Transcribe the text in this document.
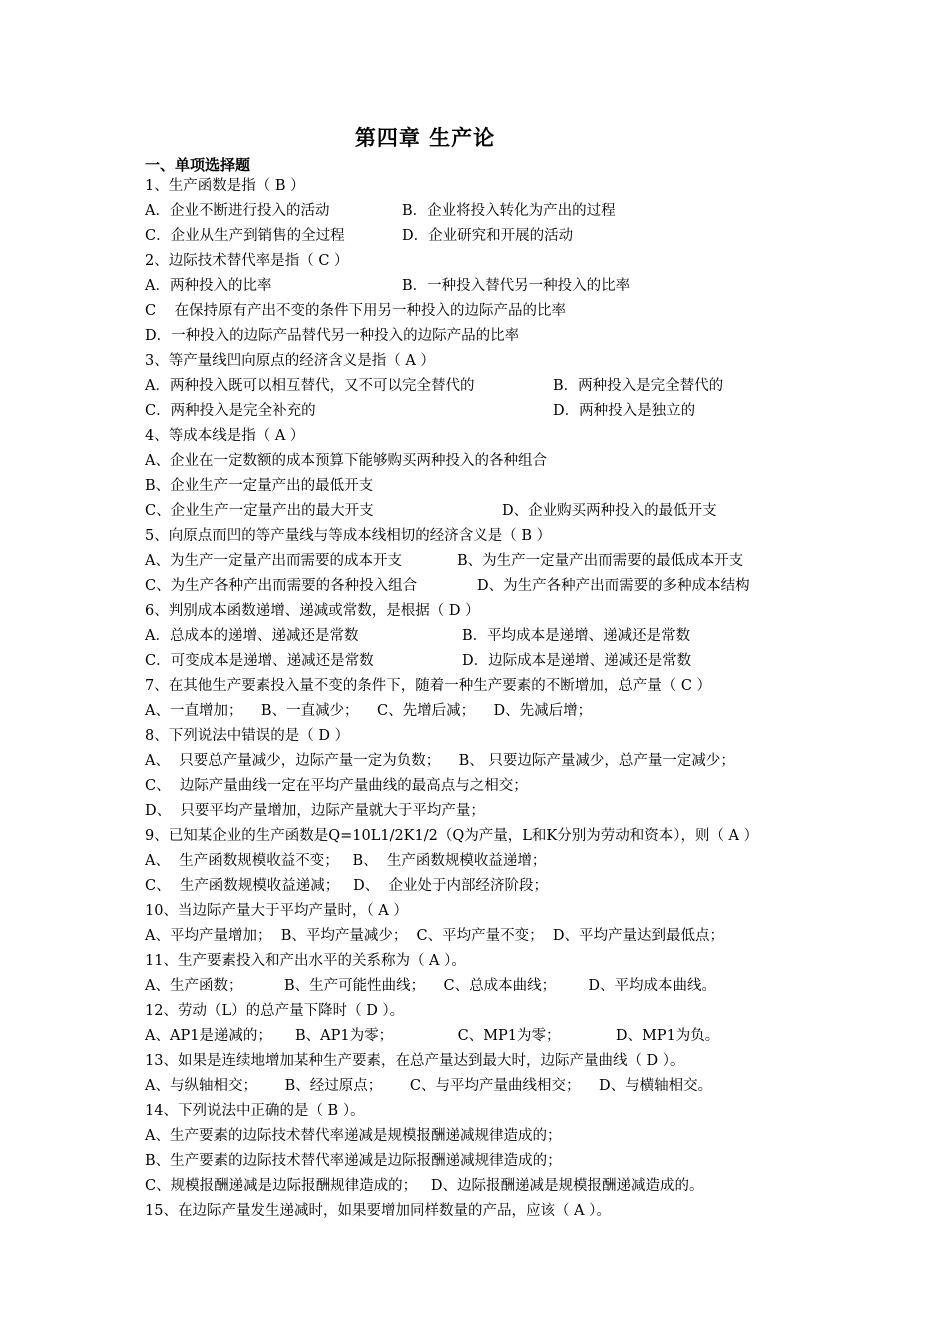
第四章 生产论
一、单项选择题
1、生产函数是指（ B ）
A．企业不断进行投入的活动	B．企业将投入转化为产出的过程
C．企业从生产到销售的全过程	D．企业研究和开展的活动
2、边际技术替代率是指（ C ）
A．两种投入的比率	B．一种投入替代另一种投入的比率
C    在保持原有产出不变的条件下用另一种投入的边际产品的比率
D．一种投入的边际产品替代另一种投入的边际产品的比率
3、等产量线凹向原点的经济含义是指（ A ）
A．两种投入既可以相互替代，又不可以完全替代的	B．两种投入是完全替代的
C．两种投入是完全补充的	D．两种投入是独立的
4、等成本线是指（ A ）
A、企业在一定数额的成本预算下能够购买两种投入的各种组合
B、企业生产一定量产出的最低开支
C、企业生产一定量产出的最大开支	D、企业购买两种投入的最低开支
5、向原点而凹的等产量线与等成本线相切的经济含义是（ B ）
A、为生产一定量产出而需要的成本开支	B、为生产一定量产出而需要的最低成本开支
C、为生产各种产出而需要的各种投入组合	D、为生产各种产出而需要的多种成本结构
6、判别成本函数递增、递减或常数，是根据（ D ）
A．总成本的递增、递减还是常数	B．平均成本是递增、递减还是常数
C．可变成本是递增、递减还是常数	D．边际成本是递增、递减还是常数
7、在其他生产要素投入量不变的条件下，随着一种生产要素的不断增加，总产量（ C ）
A、一直增加；    B、一直减少；    C、先增后减；    D、先减后增；
8、下列说法中错误的是（ D ）
A、  只要总产量减少，边际产量一定为负数；    B、 只要边际产量减少，总产量一定减少；
C、  边际产量曲线一定在平均产量曲线的最高点与之相交；
D、  只要平均产量增加，边际产量就大于平均产量；
9、已知某企业的生产函数是Q=10L1/2K1/2（Q为产量，L和K分别为劳动和资本），则（ A ）
A、  生产函数规模收益不变；   B、  生产函数规模收益递增；
C、  生产函数规模收益递减；   D、  企业处于内部经济阶段；
10、当边际产量大于平均产量时，（ A ）
A、平均产量增加；  B、平均产量减少；  C、平均产量不变；  D、平均产量达到最低点；
11、生产要素投入和产出水平的关系称为（ A ）。
A、生产函数；         B、生产可能性曲线；    C、总成本曲线；       D、平均成本曲线。
12、劳动（L）的总产量下降时（ D ）。
A、AP1是递减的；     B、AP1为零；              C、MP1为零；            D、MP1为负。
13、如果是连续地增加某种生产要素，在总产量达到最大时，边际产量曲线（ D ）。
A、与纵轴相交；      B、经过原点；      C、与平均产量曲线相交；    D、与横轴相交。
14、下列说法中正确的是（ B ）。
A、生产要素的边际技术替代率递减是规模报酬递减规律造成的；
B、生产要素的边际技术替代率递减是边际报酬递减规律造成的；
C、规模报酬递减是边际报酬规律造成的；   D、边际报酬递减是规模报酬递减造成的。
15、在边际产量发生递减时，如果要增加同样数量的产品，应该（ A ）。
